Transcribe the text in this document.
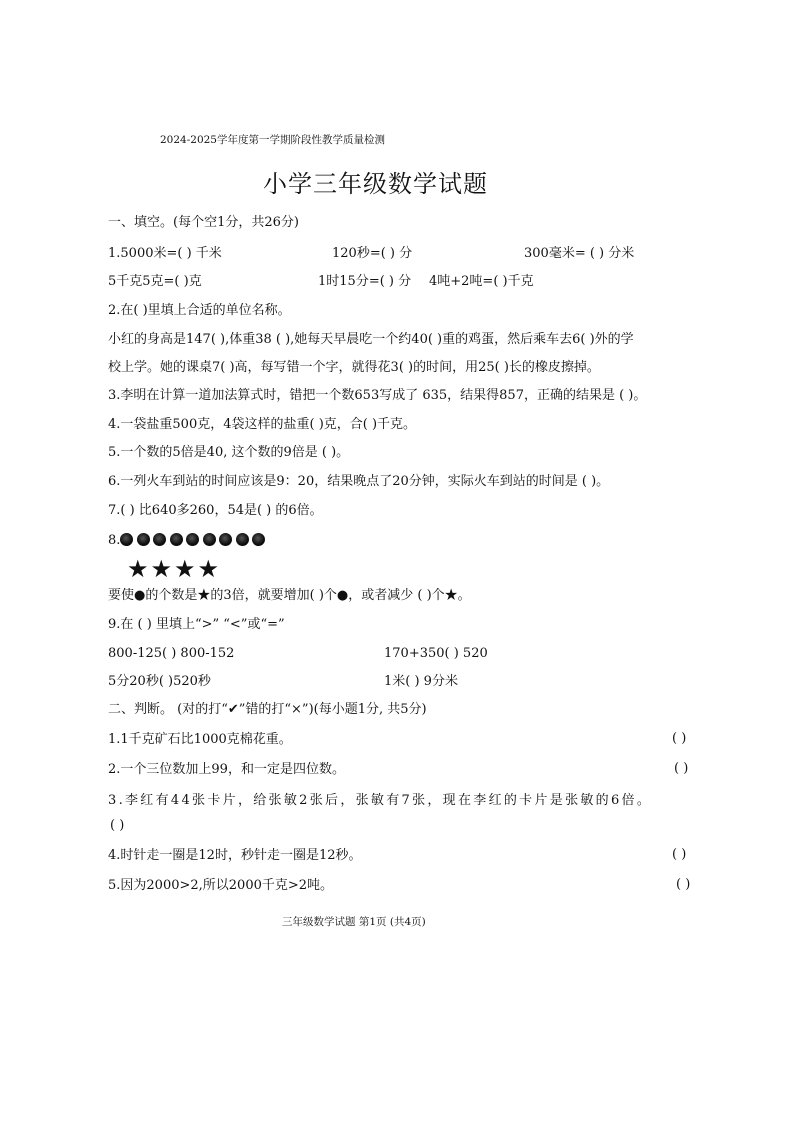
2024-2025学年度第一学期阶段性教学质量检测
小学三年级数学试题
一、填空。(每个空1分，共26分)
1.5000米=( ) 千米	120秒=( ) 分	300毫米= ( ) 分米
5千克5克=( )克	1时15分=( ) 分 4吨+2吨=( )千克
2.在( )里填上合适的单位名称。
小红的身高是147( ),体重38 ( ),她每天早晨吃一个约40( )重的鸡蛋，然后乘车去6( )外的学
校上学。她的课桌7( )高，每写错一个字，就得花3( )的时间，用25( )长的橡皮擦掉。
3.李明在计算一道加法算式时，错把一个数653写成了 635，结果得857，正确的结果是 ( )。
4.一袋盐重500克，4袋这样的盐重( )克，合( )千克。
5.一个数的5倍是40, 这个数的9倍是 ( )。
6.一列火车到站的时间应该是9：20，结果晚点了20分钟，实际火车到站的时间是 ( )。
7.( ) 比640多260，54是( ) 的6倍。
8.
★★★★
要使●的个数是★的3倍，就要增加( )个●，或者减少 ( )个★。
9.在 ( ) 里填上“>” “<”或“=”
800-125( ) 800-152	170+350( ) 520
5分20秒( )520秒	1米( ) 9分米
二、判断。 (对的打“✔”错的打“×”)(每小题1分, 共5分)
1.1千克矿石比1000克棉花重。	( )
2.一个三位数加上99，和一定是四位数。	( )
3.李红有44张卡片，给张敏2张后，张敏有7张，现在李红的卡片是张敏的6倍。
( )
4.时针走一圈是12时，秒针走一圈是12秒。	( )
5.因为2000>2,所以2000千克>2吨。	( )
三年级数学试题 第1页 (共4页)
